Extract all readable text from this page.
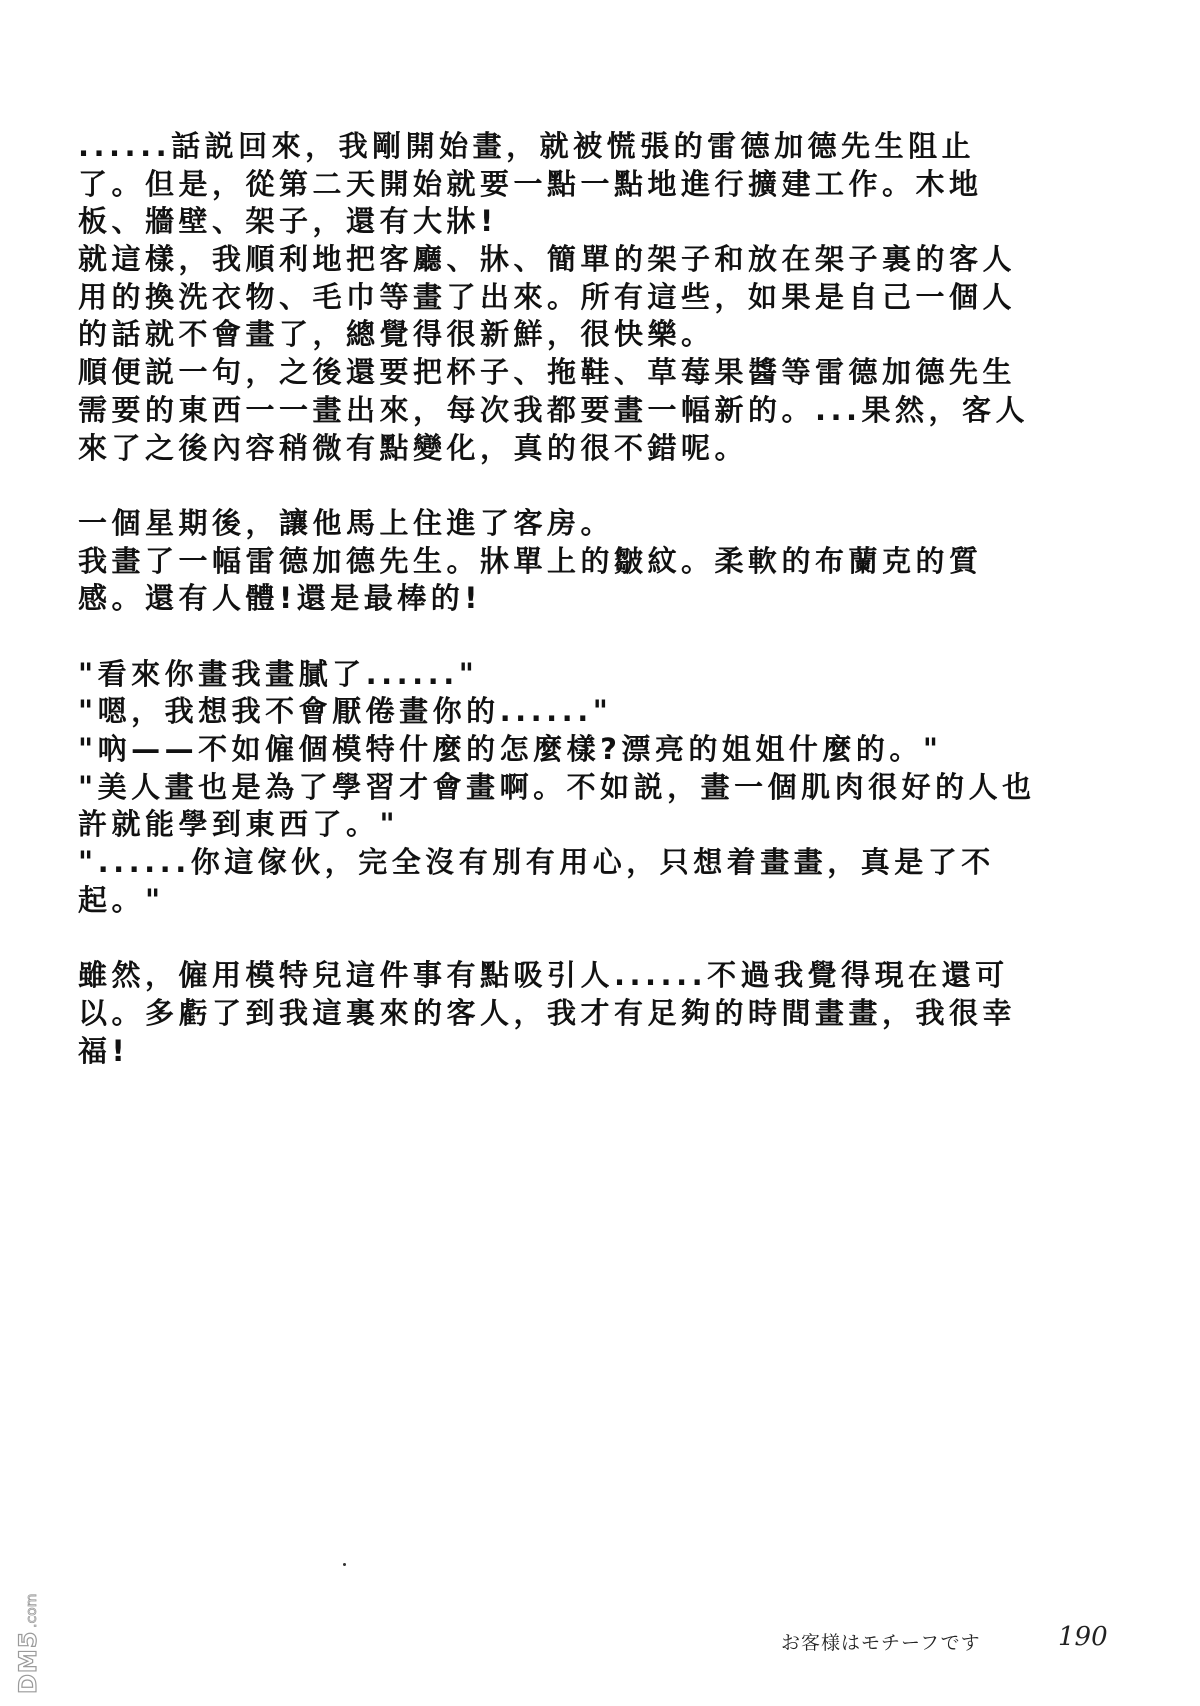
......話説回來，我剛開始畫，就被慌張的雷德加德先生阻止
了。但是，從第二天開始就要一點一點地進行擴建工作。木地
板、牆壁、架子，還有大牀!
就這樣，我順利地把客廳、牀、簡單的架子和放在架子裏的客人
用的換洗衣物、毛巾等畫了出來。所有這些，如果是自己一個人
的話就不會畫了，總覺得很新鮮，很快樂。
順便説一句，之後還要把杯子、拖鞋、草莓果醬等雷德加德先生
需要的東西一一畫出來，每次我都要畫一幅新的。...果然，客人
來了之後內容稍微有點變化，真的很不錯呢。
一個星期後，讓他馬上住進了客房。
我畫了一幅雷德加德先生。牀單上的皺紋。柔軟的布蘭克的質
感。還有人體!還是最棒的!
"看來你畫我畫膩了......"
"嗯，我想我不會厭倦畫你的......"
"吶——不如僱個模特什麼的怎麼樣?漂亮的姐姐什麼的。"
"美人畫也是為了學習才會畫啊。不如説，畫一個肌肉很好的人也
許就能學到東西了。"
"......你這傢伙，完全沒有別有用心，只想着畫畫，真是了不
起。"
雖然，僱用模特兒這件事有點吸引人......不過我覺得現在還可
以。多虧了到我這裏來的客人，我才有足夠的時間畫畫，我很幸
福!
DM5
.com
お客様はモチーフです	190
